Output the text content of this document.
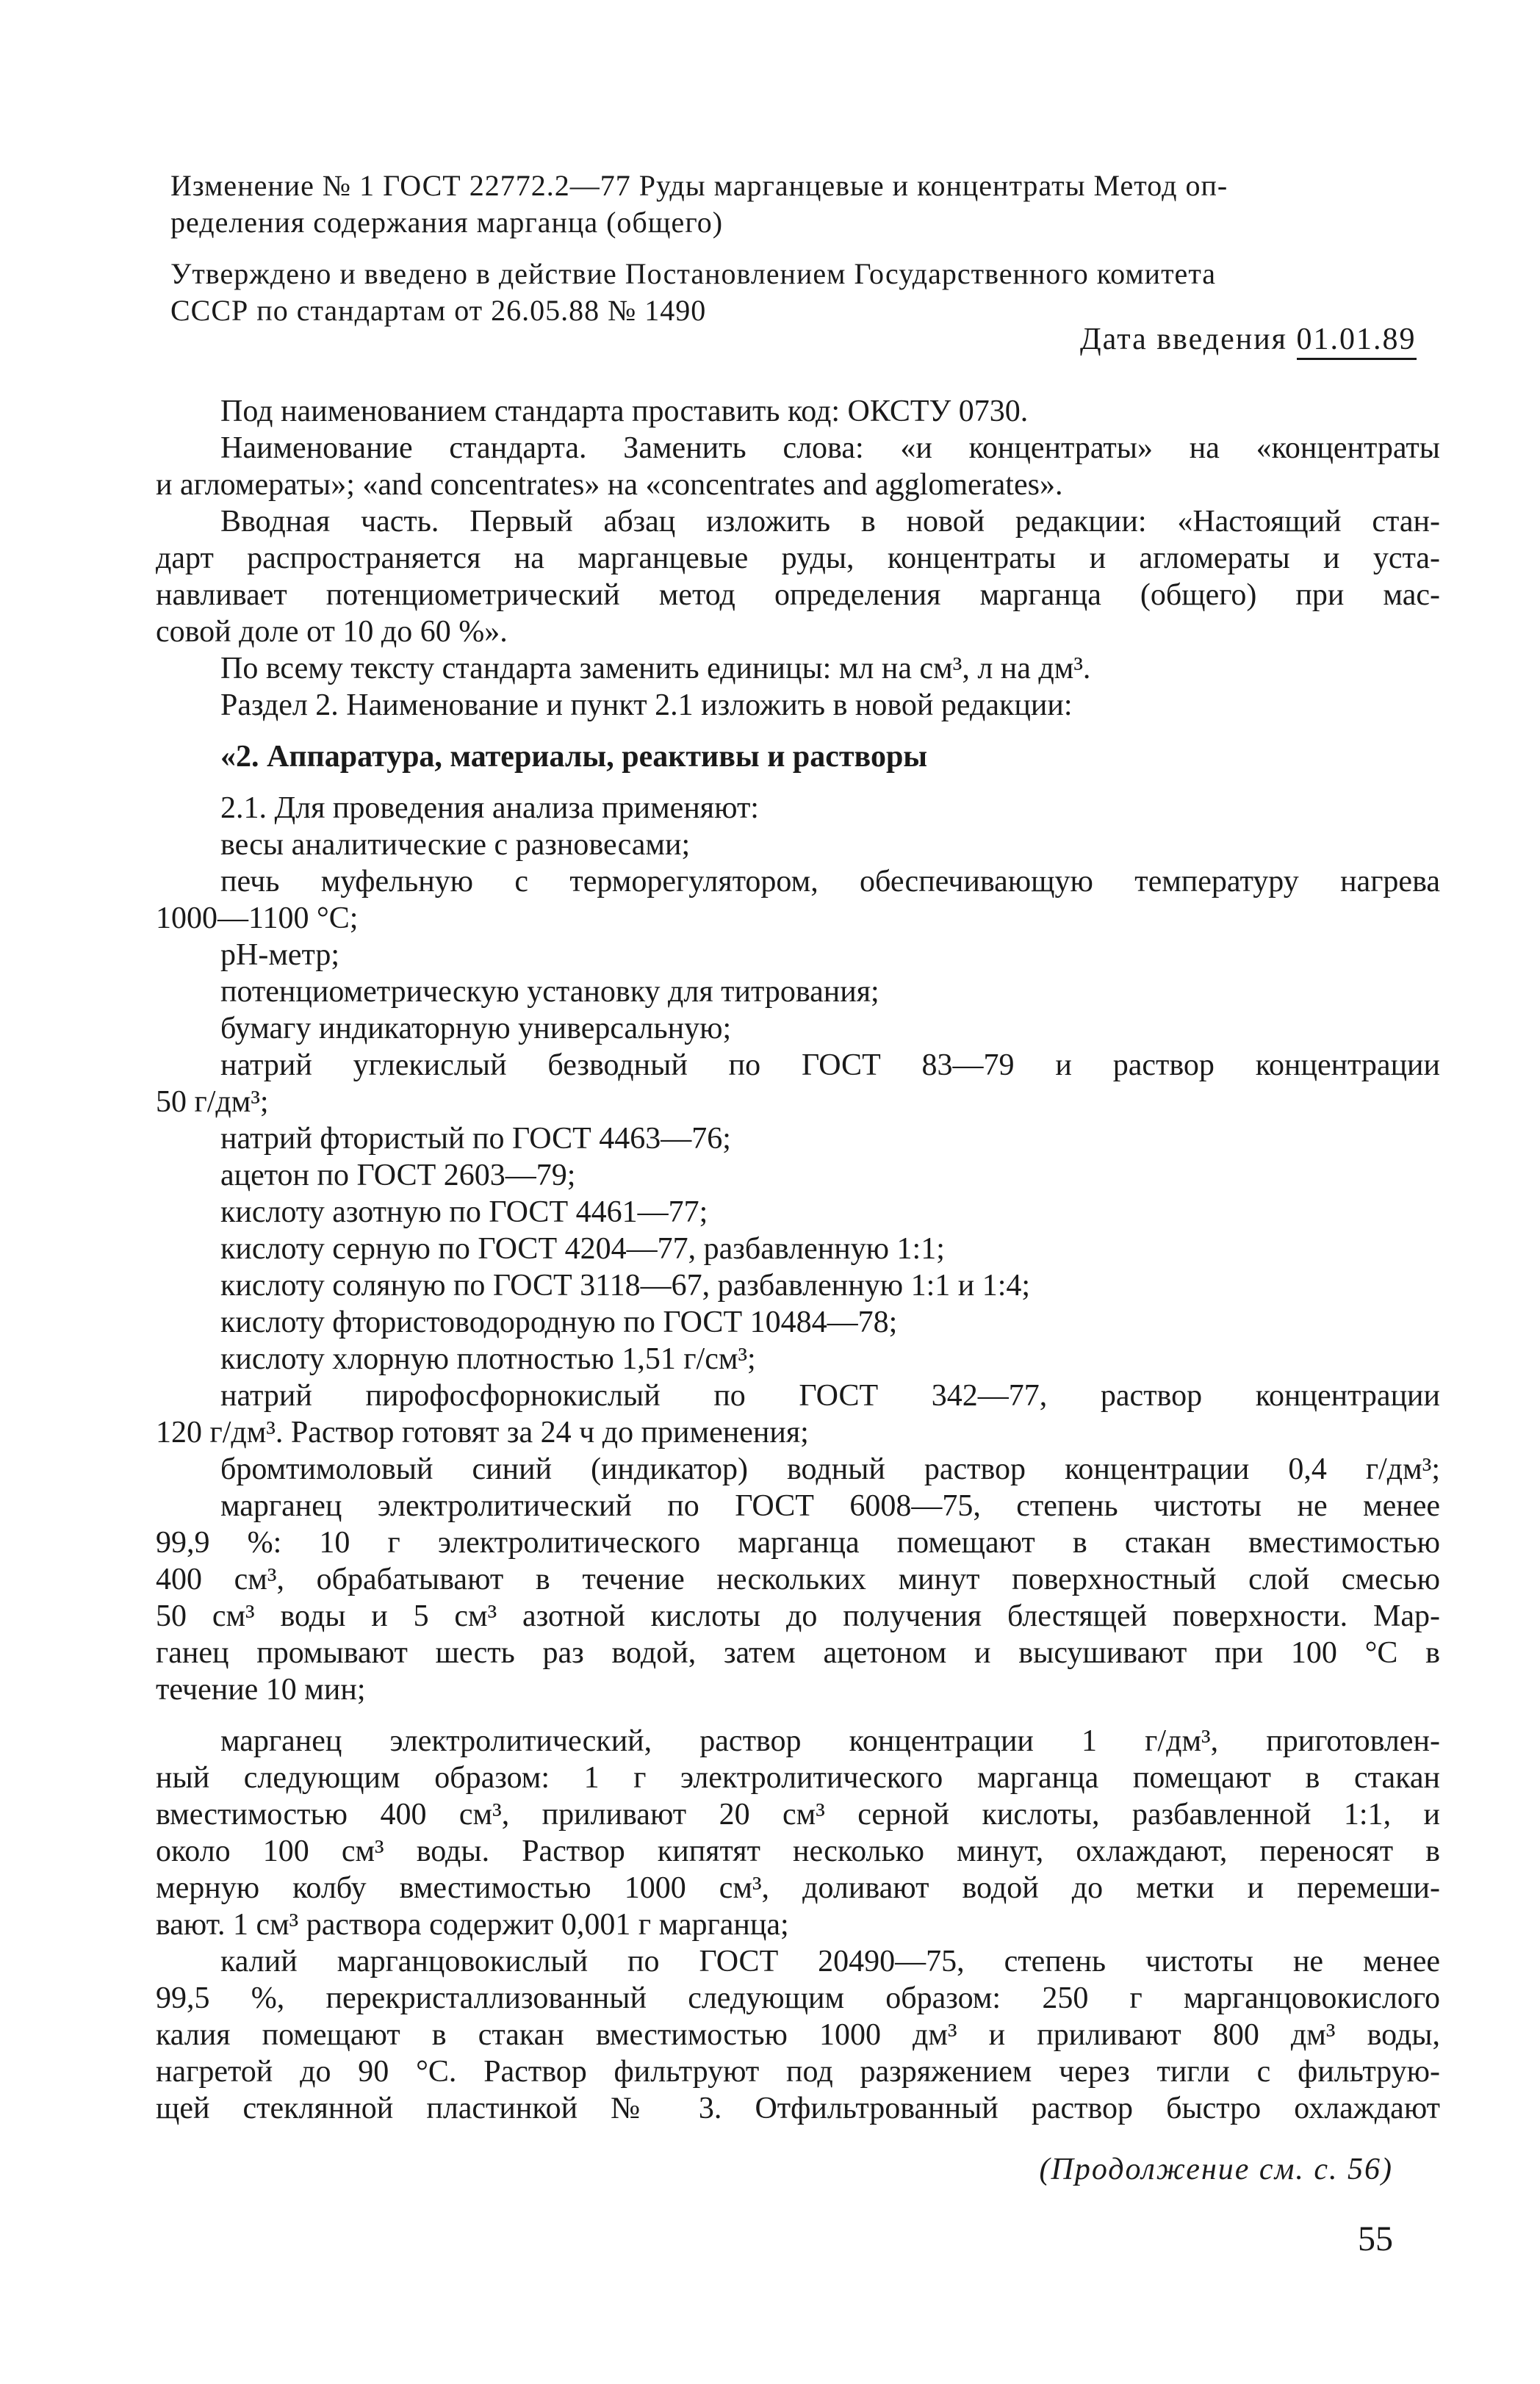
Изменение № 1 ГОСТ 22772.2—77 Руды марганцевые и концентраты Метод оп-
ределения содержания марганца (общего)
Утверждено и введено в действие Постановлением Государственного комитета
СССР по стандартам от 26.05.88 № 1490
Дата введения 01.01.89
Под наименованием стандарта проставить код: ОКСТУ 0730.
Наименование стандарта. Заменить слова: «и концентраты» на «концентраты
и агломераты»; «and concentrates» на «concentrates and agglomerates».
Вводная часть. Первый абзац изложить в новой редакции: «Настоящий стан-
дарт распространяется на марганцевые руды, концентраты и агломераты и уста-
навливает потенциометрический метод определения марганца (общего) при мас-
совой доле от 10 до 60 %».
По всему тексту стандарта заменить единицы: мл на см³, л на дм³.
Раздел 2. Наименование и пункт 2.1 изложить в новой редакции:
«2. Аппаратура, материалы, реактивы и растворы
2.1. Для проведения анализа применяют:
весы аналитические с разновесами;
печь муфельную с терморегулятором, обеспечивающую температуру нагрева
1000—1100 °С;
рН-метр;
потенциометрическую установку для титрования;
бумагу индикаторную универсальную;
натрий углекислый безводный по ГОСТ 83—79 и раствор концентрации
50 г/дм³;
натрий фтористый по ГОСТ 4463—76;
ацетон по ГОСТ 2603—79;
кислоту азотную по ГОСТ 4461—77;
кислоту серную по ГОСТ 4204—77, разбавленную 1:1;
кислоту соляную по ГОСТ 3118—67, разбавленную 1:1 и 1:4;
кислоту фтористоводородную по ГОСТ 10484—78;
кислоту хлорную плотностью 1,51 г/см³;
натрий пирофосфорнокислый по ГОСТ 342—77, раствор концентрации
120 г/дм³. Раствор готовят за 24 ч до применения;
бромтимоловый синий (индикатор) водный раствор концентрации 0,4 г/дм³;
марганец электролитический по ГОСТ 6008—75, степень чистоты не менее
99,9 %: 10 г электролитического марганца помещают в стакан вместимостью
400 см³, обрабатывают в течение нескольких минут поверхностный слой смесью
50 см³ воды и 5 см³ азотной кислоты до получения блестящей поверхности. Мар-
ганец промывают шесть раз водой, затем ацетоном и высушивают при 100 °С в
течение 10 мин;
марганец электролитический, раствор концентрации 1 г/дм³, приготовлен-
ный следующим образом: 1 г электролитического марганца помещают в стакан
вместимостью 400 см³, приливают 20 см³ серной кислоты, разбавленной 1:1, и
около 100 см³ воды. Раствор кипятят несколько минут, охлаждают, переносят в
мерную колбу вместимостью 1000 см³, доливают водой до метки и перемеши-
вают. 1 см³ раствора содержит 0,001 г марганца;
калий марганцовокислый по ГОСТ 20490—75, степень чистоты не менее
99,5 %, перекристаллизованный следующим образом: 250 г марганцовокислого
калия помещают в стакан вместимостью 1000 дм³ и приливают 800 дм³ воды,
нагретой до 90 °С. Раствор фильтруют под разряжением через тигли с фильтрую-
щей стеклянной пластинкой № 3. Отфильтрованный раствор быстро охлаждают
(Продолжение см. с. 56)
55
